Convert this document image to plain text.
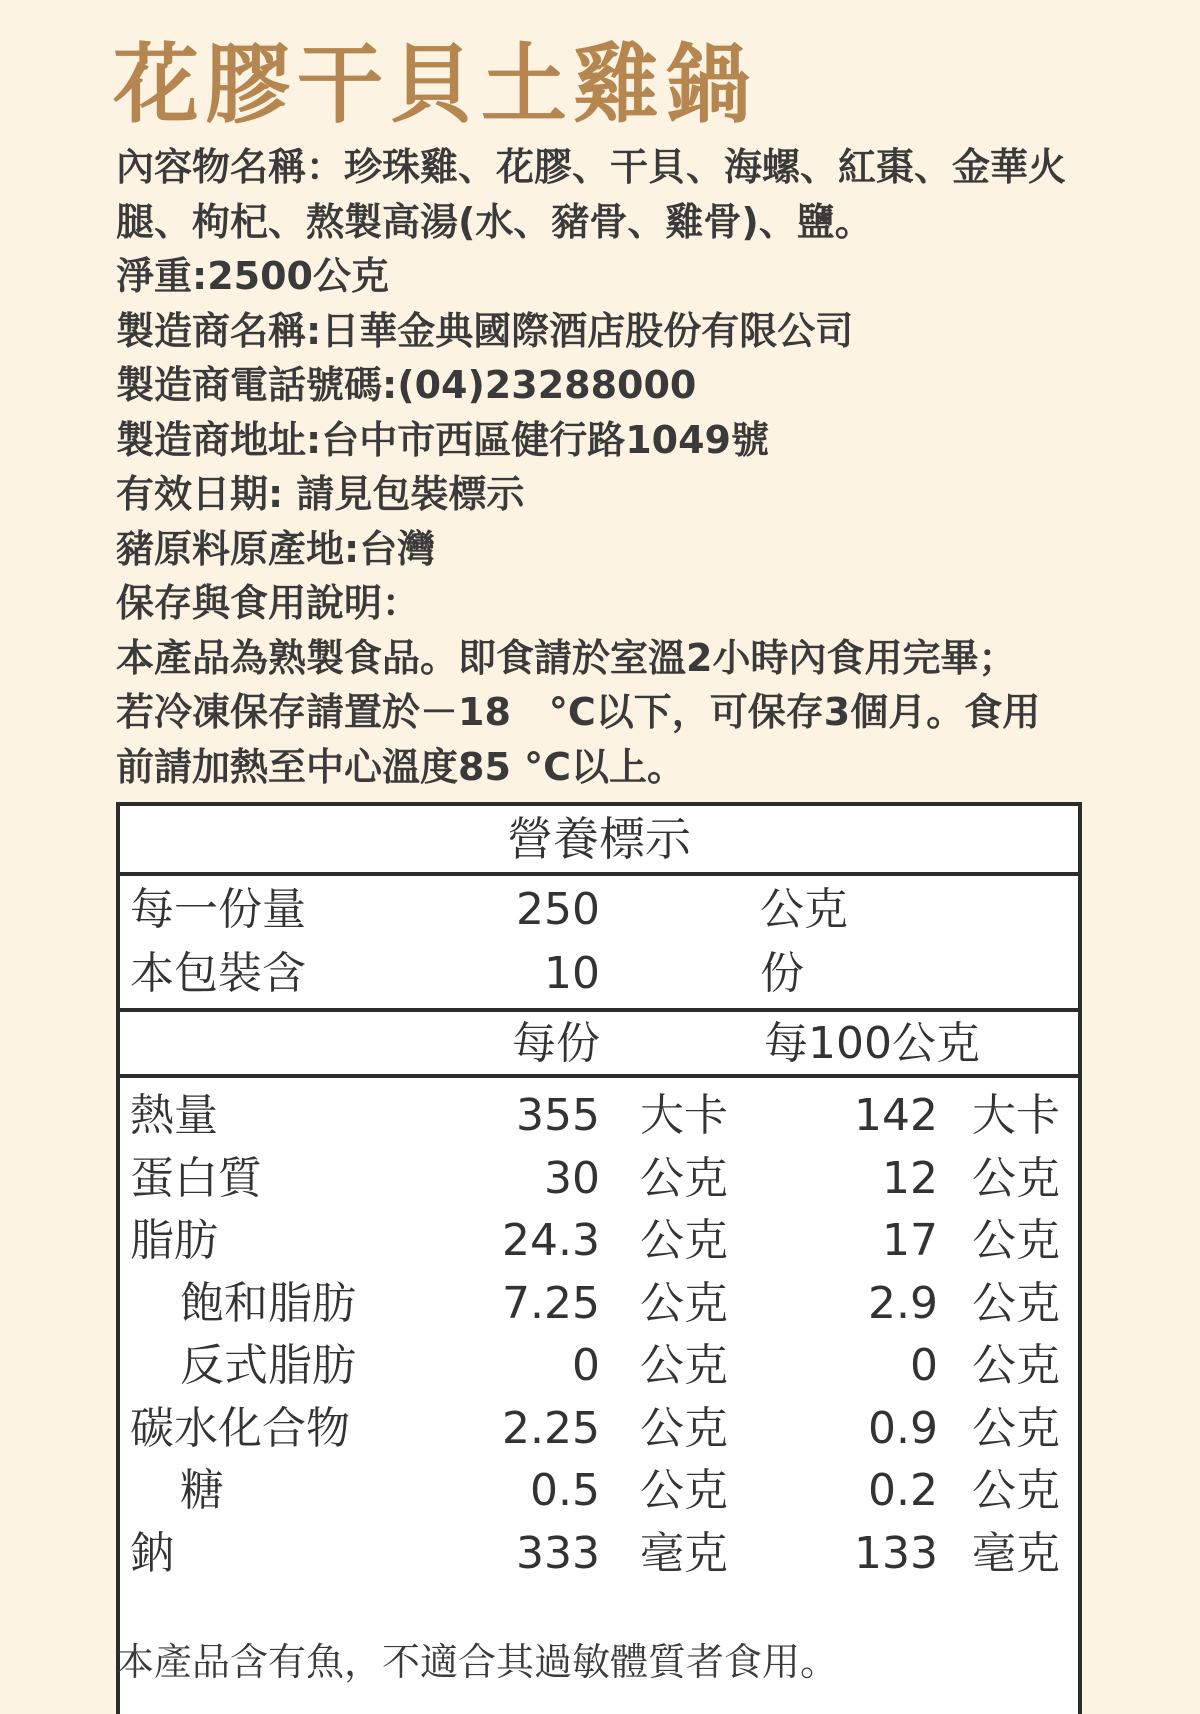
花膠干貝土雞鍋

內容物名稱：珍珠雞、花膠、干貝、海螺、紅棗、金華火

腿、枸杞、熬製高湯(水、豬骨、雞骨)、鹽。

淨重:2500公克

製造商名稱:日華金典國際酒店股份有限公司

製造商電話號碼:(04)23288000

製造商地址:台中市西區健行路1049號

有效日期: 請見包裝標示

豬原料原產地:台灣

保存與食用說明：

本產品為熟製食品。即食請於室溫2小時內食用完畢；

若冷凍保存請置於－18　°C以下，可保存3個月。食用

前請加熱至中心溫度85 °C以上。

營養標示
每一份量	250	公克
本包裝含	10	份
每份	每100公克
熱量	355 大卡	142 大卡
蛋白質	30 公克	12 公克
脂肪	24.3 公克	17 公克
飽和脂肪	7.25 公克	2.9 公克
反式脂肪	0 公克	0 公克
碳水化合物	2.25 公克	0.9 公克
糖	0.5 公克	0.2 公克
鈉	333 毫克	133 毫克
本產品含有魚，不適合其過敏體質者食用。
